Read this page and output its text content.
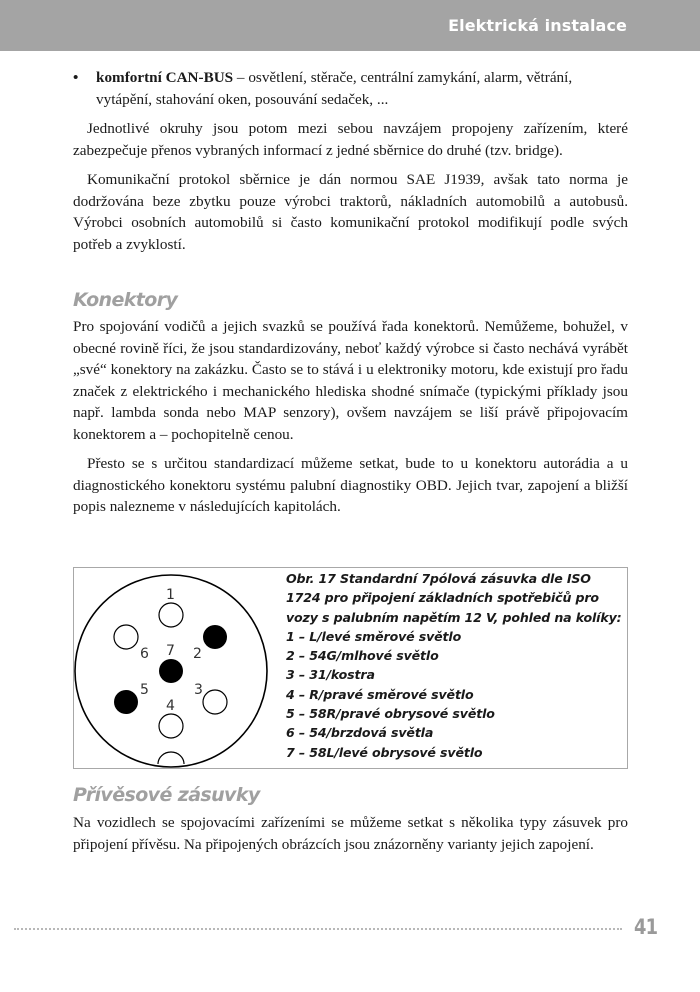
Elektrická instalace
• komfortní CAN-BUS – osvětlení, stěrače, centrální zamykání, alarm, větrání, vytápění, stahování oken, posouvání sedaček, ...

Jednotlivé okruhy jsou potom mezi sebou navzájem propojeny zařízením, které zabezpečuje přenos vybraných informací z jedné sběrnice do druhé (tzv. bridge).

Komunikační protokol sběrnice je dán normou SAE J1939, avšak tato norma je dodržována beze zbytku pouze výrobci traktorů, nákladních automobilů a autobusů. Výrobci osobních automobilů si často komunikační protokol modifikují podle svých potřeb a zvyklostí.

Konektory

Pro spojování vodičů a jejich svazků se používá řada konektorů. Nemůžeme, bohužel, v obecné rovině říci, že jsou standardizovány, neboť každý výrobce si často nechává vyrábět „své“ konektory na zakázku. Často se to stává i u elektroniky motoru, kde existují pro řadu značek z elektrického i mechanického hlediska shodné snímače (typickými příklady jsou např. lambda sonda nebo MAP senzory), ovšem navzájem se liší právě připojovacím konektorem a – pochopitelně cenou.

Přesto se s určitou standardizací můžeme setkat, bude to u konektoru autorádia a u diagnostického konektoru systému palubní diagnostiky OBD. Jejich tvar, zapojení a bližší popis nalezneme v následujících kapitolách.

1
2
3
4
5
6 7
Obr. 17 Standardní 7pólová zásuvka dle ISO
1724 pro připojení základních spotřebičů pro
vozy s palubním napětím 12 V, pohled na kolíky:
1 – L/levé směrové světlo
2 – 54G/mlhové světlo
3 – 31/kostra
4 – R/pravé směrové světlo
5 – 58R/pravé obrysové světlo
6 – 54/brzdová světla
7 – 58L/levé obrysové světlo
Přívěsové zásuvky

Na vozidlech se spojovacími zařízeními se můžeme setkat s několika typy zásuvek pro připojení přívěsu. Na připojených obrázcích jsou znázorněny varianty jejich zapojení.

41
